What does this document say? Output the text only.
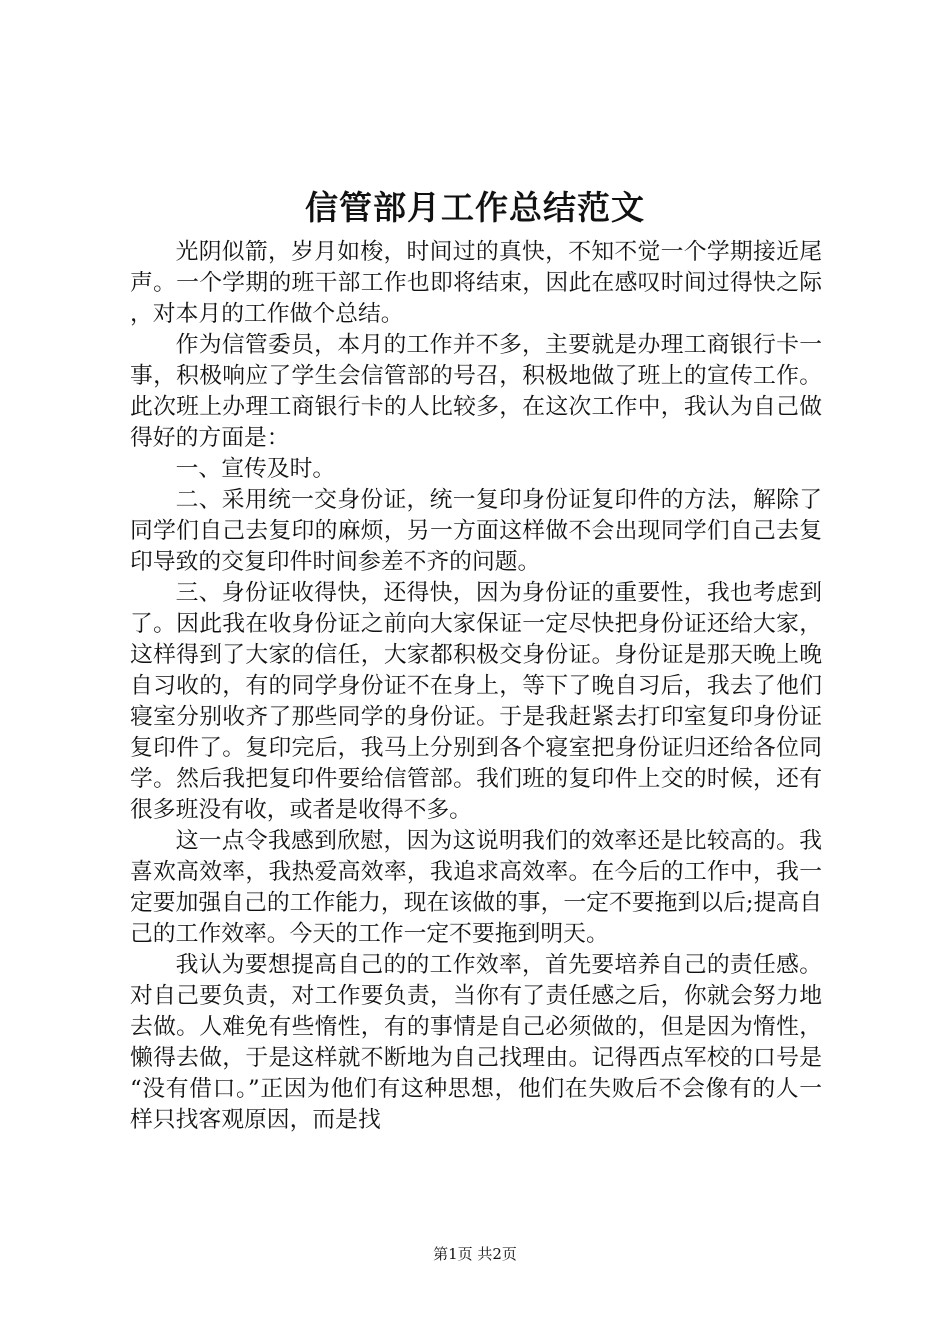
信管部月工作总结范文

光阴似箭，岁月如梭，时间过的真快，不知不觉一个学期接近尾声。一个学期的班干部工作也即将结束，因此在感叹时间过得快之际，对本月的工作做个总结。

作为信管委员，本月的工作并不多，主要就是办理工商银行卡一事，积极响应了学生会信管部的号召，积极地做了班上的宣传工作。此次班上办理工商银行卡的人比较多，在这次工作中，我认为自己做得好的方面是：

一、宣传及时。

二、采用统一交身份证，统一复印身份证复印件的方法，解除了同学们自己去复印的麻烦，另一方面这样做不会出现同学们自己去复印导致的交复印件时间参差不齐的问题。

三、身份证收得快，还得快，因为身份证的重要性，我也考虑到了。因此我在收身份证之前向大家保证一定尽快把身份证还给大家，这样得到了大家的信任，大家都积极交身份证。身份证是那天晚上晚自习收的，有的同学身份证不在身上，等下了晚自习后，我去了他们寝室分别收齐了那些同学的身份证。于是我赶紧去打印室复印身份证复印件了。复印完后，我马上分别到各个寝室把身份证归还给各位同学。然后我把复印件要给信管部。我们班的复印件上交的时候，还有很多班没有收，或者是收得不多。

这一点令我感到欣慰，因为这说明我们的效率还是比较高的。我喜欢高效率，我热爱高效率，我追求高效率。在今后的工作中，我一定要加强自己的工作能力，现在该做的事，一定不要拖到以后;提高自己的工作效率。今天的工作一定不要拖到明天。

我认为要想提高自己的的工作效率，首先要培养自己的责任感。对自己要负责，对工作要负责，当你有了责任感之后，你就会努力地去做。人难免有些惰性，有的事情是自己必须做的，但是因为惰性，懒得去做，于是这样就不断地为自己找理由。记得西点军校的口号是“没有借口。”正因为他们有这种思想，他们在失败后不会像有的人一样只找客观原因，而是找

第1页 共2页
